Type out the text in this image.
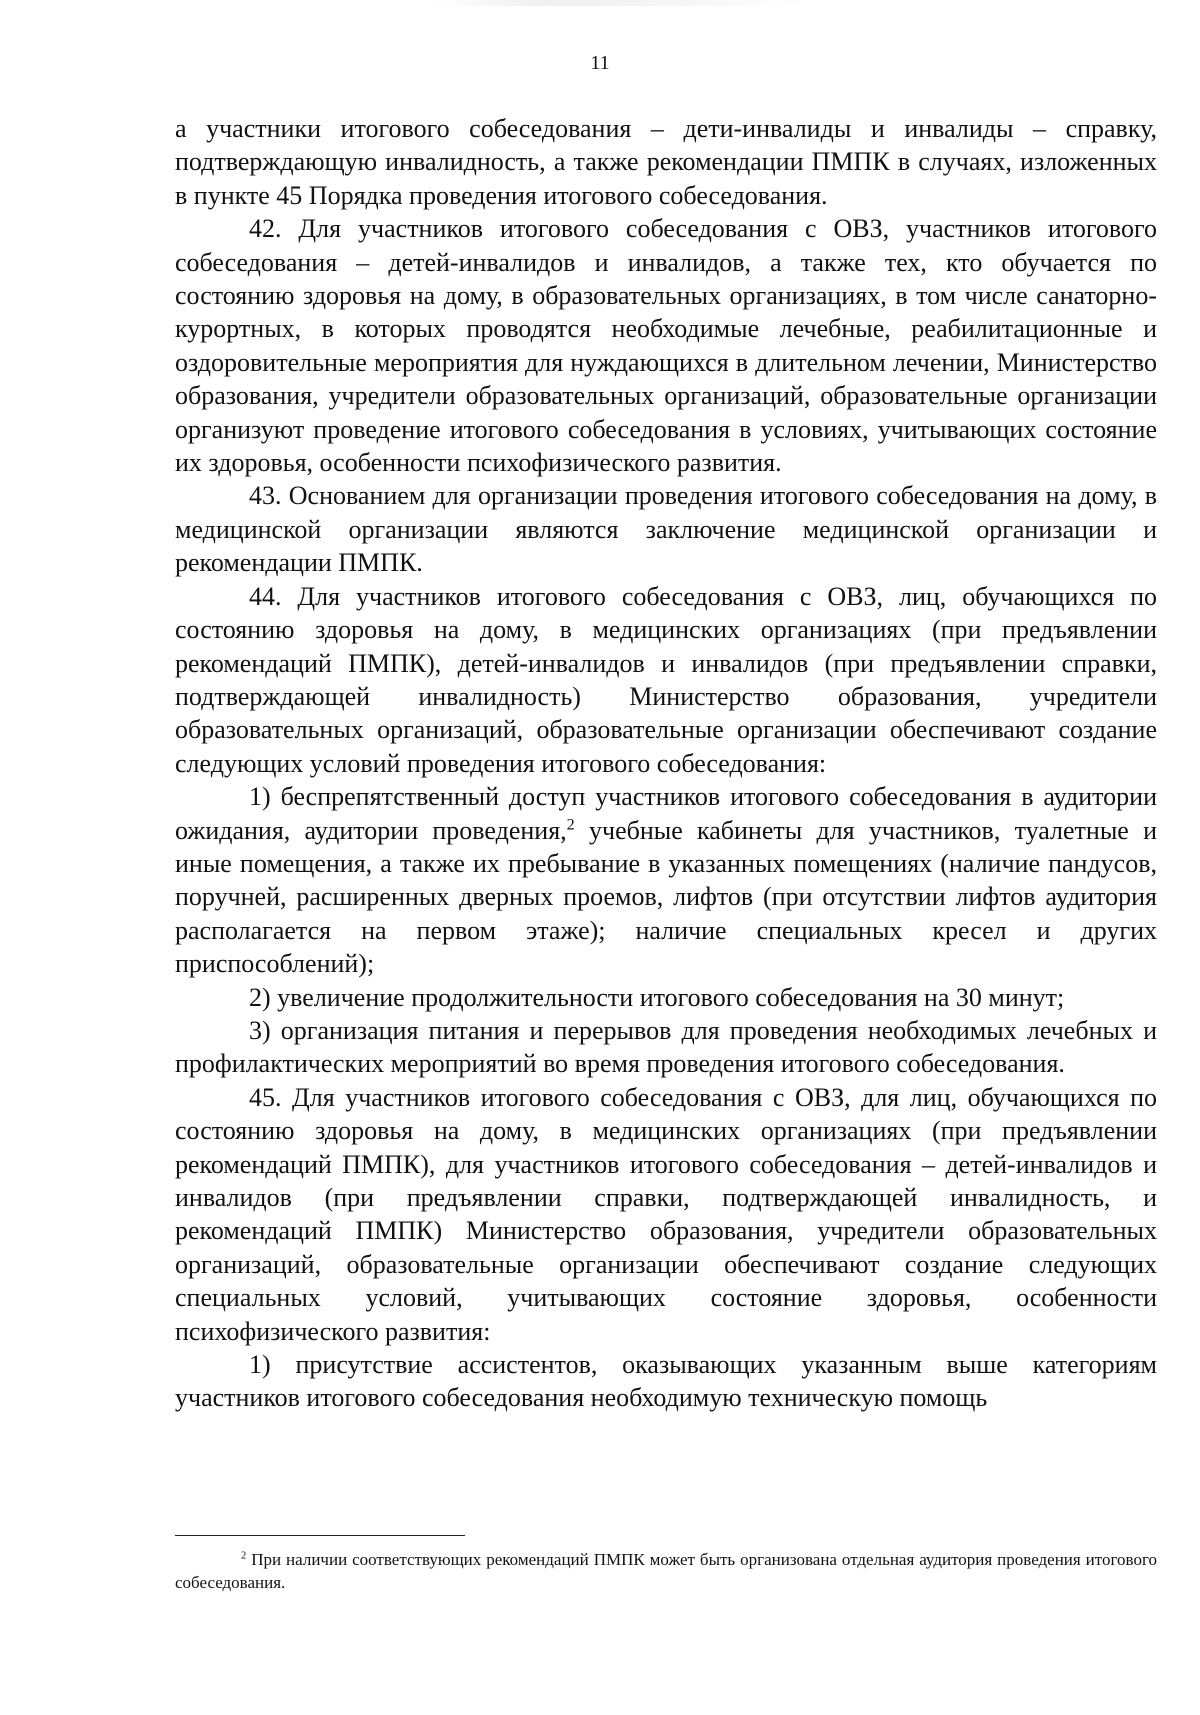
11

а участники итогового собеседования – дети-инвалиды и инвалиды – справку, подтверждающую инвалидность, а также рекомендации ПМПК в случаях, изложенных в пункте 45 Порядка проведения итогового собеседования.

42. Для участников итогового собеседования с ОВЗ, участников итогового собеседования – детей-инвалидов и инвалидов, а также тех, кто обучается по состоянию здоровья на дому, в образовательных организациях, в том числе санаторно-курортных, в которых проводятся необходимые лечебные, реабилитационные и оздоровительные мероприятия для нуждающихся в длительном лечении, Министерство образования, учредители образовательных организаций, образовательные организации организуют проведение итогового собеседования в условиях, учитывающих состояние их здоровья, особенности психофизического развития.

43. Основанием для организации проведения итогового собеседования на дому, в медицинской организации являются заключение медицинской организации и рекомендации ПМПК.

44. Для участников итогового собеседования с ОВЗ, лиц, обучающихся по состоянию здоровья на дому, в медицинских организациях (при предъявлении рекомендаций ПМПК), детей-инвалидов и инвалидов (при предъявлении справки, подтверждающей инвалидность) Министерство образования, учредители образовательных организаций, образовательные организации обеспечивают создание следующих условий проведения итогового собеседования:

1) беспрепятственный доступ участников итогового собеседования в аудитории ожидания, аудитории проведения,$^2$ учебные кабинеты для участников, туалетные и иные помещения, а также их пребывание в указанных помещениях (наличие пандусов, поручней, расширенных дверных проемов, лифтов (при отсутствии лифтов аудитория располагается на первом этаже); наличие специальных кресел и других приспособлений);

2) увеличение продолжительности итогового собеседования на 30 минут;

3) организация питания и перерывов для проведения необходимых лечебных и профилактических мероприятий во время проведения итогового собеседования.

45. Для участников итогового собеседования с ОВЗ, для лиц, обучающихся по состоянию здоровья на дому, в медицинских организациях (при предъявлении рекомендаций ПМПК), для участников итогового собеседования – детей-инвалидов и инвалидов (при предъявлении справки, подтверждающей инвалидность, и рекомендаций ПМПК) Министерство образования, учредители образовательных организаций, образовательные организации обеспечивают создание следующих специальных условий, учитывающих состояние здоровья, особенности психофизического развития:

1) присутствие ассистентов, оказывающих указанным выше категориям участников итогового собеседования необходимую техническую помощь

$^2$ При наличии соответствующих рекомендаций ПМПК может быть организована отдельная аудитория проведения итогового собеседования.
